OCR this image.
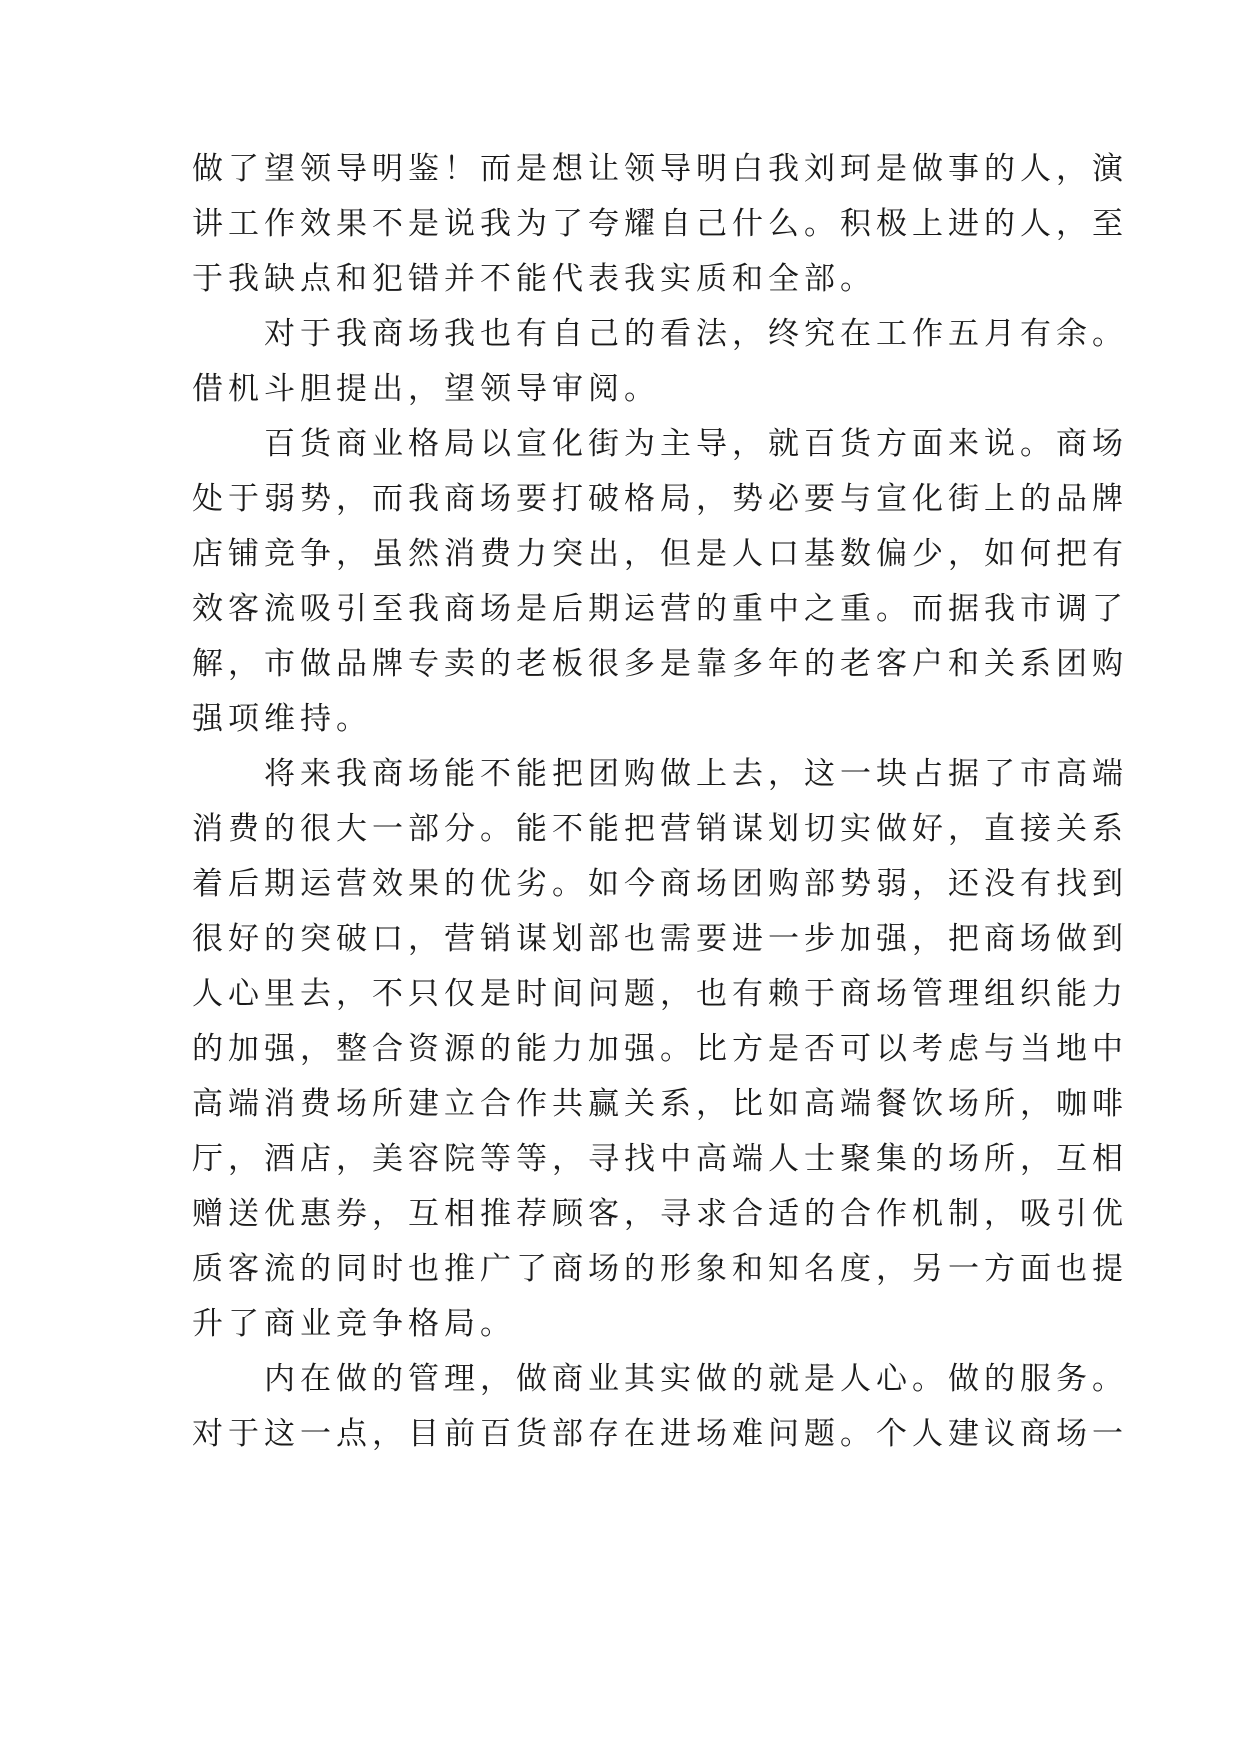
做了望领导明鉴！而是想让领导明白我刘珂是做事的人，演
讲工作效果不是说我为了夸耀自己什么。积极上进的人，至
于我缺点和犯错并不能代表我实质和全部。
对于我商场我也有自己的看法，终究在工作五月有余。
借机斗胆提出，望领导审阅。
百货商业格局以宣化街为主导，就百货方面来说。商场
处于弱势，而我商场要打破格局，势必要与宣化街上的品牌
店铺竞争，虽然消费力突出，但是人口基数偏少，如何把有
效客流吸引至我商场是后期运营的重中之重。而据我市调了
解，市做品牌专卖的老板很多是靠多年的老客户和关系团购
强项维持。
将来我商场能不能把团购做上去，这一块占据了市高端
消费的很大一部分。能不能把营销谋划切实做好，直接关系
着后期运营效果的优劣。如今商场团购部势弱，还没有找到
很好的突破口，营销谋划部也需要进一步加强，把商场做到
人心里去，不只仅是时间问题，也有赖于商场管理组织能力
的加强，整合资源的能力加强。比方是否可以考虑与当地中
高端消费场所建立合作共赢关系，比如高端餐饮场所，咖啡
厅，酒店，美容院等等，寻找中高端人士聚集的场所，互相
赠送优惠券，互相推荐顾客，寻求合适的合作机制，吸引优
质客流的同时也推广了商场的形象和知名度，另一方面也提
升了商业竞争格局。
内在做的管理，做商业其实做的就是人心。做的服务。
对于这一点，目前百货部存在进场难问题。个人建议商场一
